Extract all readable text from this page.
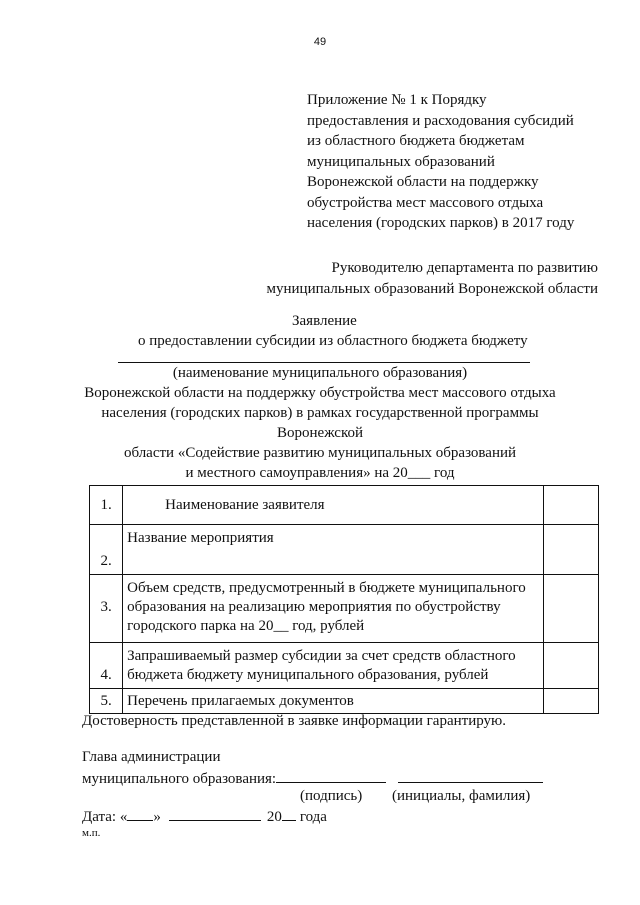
49
Приложение № 1 к Порядку
предоставления и расходования субсидий
из областного бюджета бюджетам
муниципальных образований
Воронежской области на поддержку
обустройства мест массового отдыха
населения (городских парков) в 2017 году
Руководителю департамента по развитию
муниципальных образований Воронежской области
Заявление
о предоставлении субсидии из областного бюджета бюджету
(наименование муниципального образования)
Воронежской области на поддержку обустройства мест массового отдыха
населения (городских парков) в рамках государственной программы
Воронежской
области «Содействие развитию муниципальных образований
и местного самоуправления» на 20___ год
1.	Наименование заявителя	
2.	Название мероприятия	
3.	Объем средств, предусмотренный в бюджете муниципального образования на реализацию мероприятия по обустройству городского парка на 20__ год, рублей	
4.	Запрашиваемый размер субсидии за счет средств областного бюджета бюджету муниципального образования, рублей	
5.	Перечень прилагаемых документов	
Достоверность представленной в заявке информации гарантирую.
Глава администрации
муниципального образования:
(подпись) (инициалы, фамилия)
Дата: « »	20 года
м.п.
